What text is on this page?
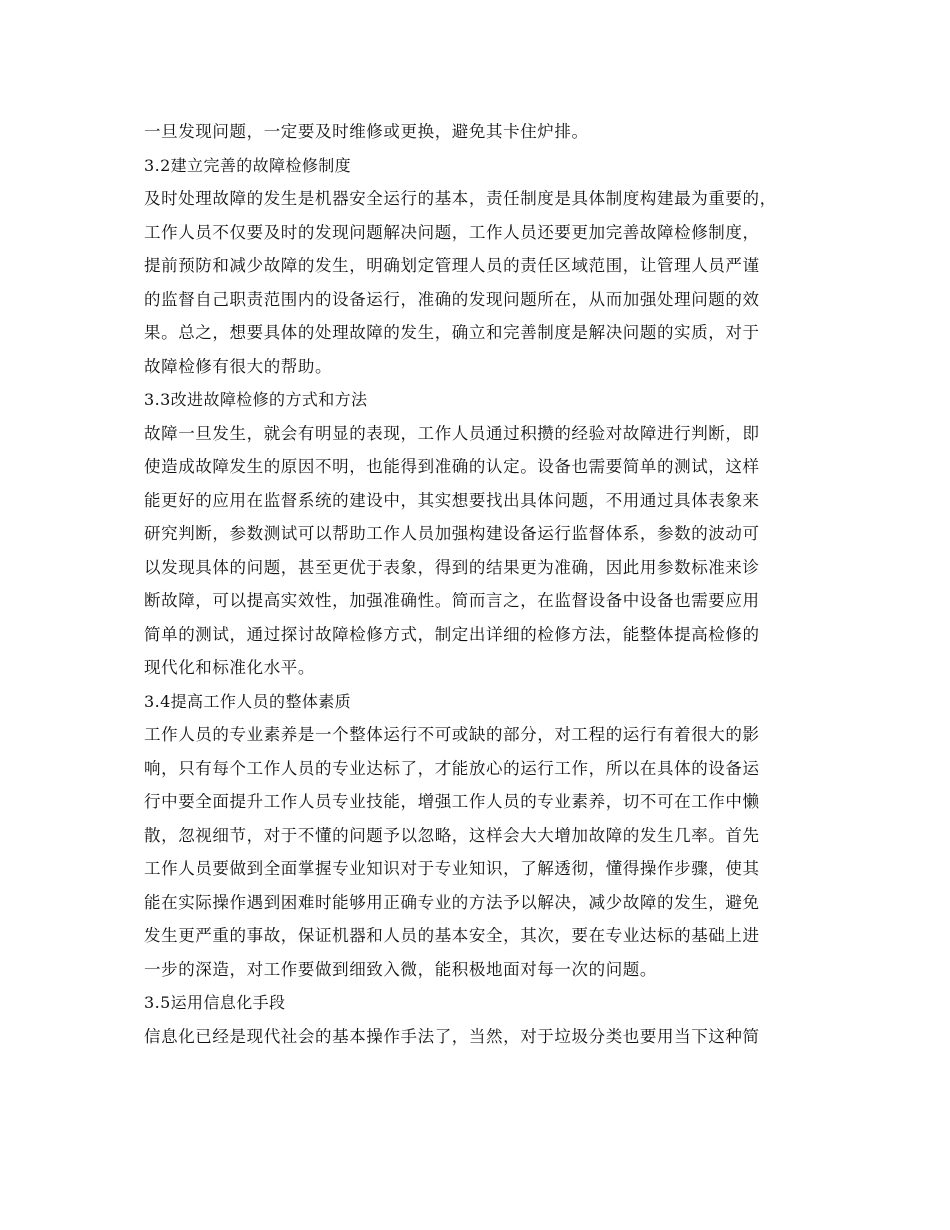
一旦发现问题，一定要及时维修或更换，避免其卡住炉排。
3.2建立完善的故障检修制度
及时处理故障的发生是机器安全运行的基本，责任制度是具体制度构建最为重要的，
工作人员不仅要及时的发现问题解决问题，工作人员还要更加完善故障检修制度，
提前预防和减少故障的发生，明确划定管理人员的责任区域范围，让管理人员严谨
的监督自己职责范围内的设备运行，准确的发现问题所在，从而加强处理问题的效
果。总之，想要具体的处理故障的发生，确立和完善制度是解决问题的实质，对于
故障检修有很大的帮助。
3.3改进故障检修的方式和方法
故障一旦发生，就会有明显的表现，工作人员通过积攒的经验对故障进行判断，即
使造成故障发生的原因不明，也能得到准确的认定。设备也需要简单的测试，这样
能更好的应用在监督系统的建设中，其实想要找出具体问题，不用通过具体表象来
研究判断，参数测试可以帮助工作人员加强构建设备运行监督体系，参数的波动可
以发现具体的问题，甚至更优于表象，得到的结果更为准确，因此用参数标准来诊
断故障，可以提高实效性，加强准确性。简而言之，在监督设备中设备也需要应用
简单的测试，通过探讨故障检修方式，制定出详细的检修方法，能整体提高检修的
现代化和标准化水平。
3.4提高工作人员的整体素质
工作人员的专业素养是一个整体运行不可或缺的部分，对工程的运行有着很大的影
响，只有每个工作人员的专业达标了，才能放心的运行工作，所以在具体的设备运
行中要全面提升工作人员专业技能，增强工作人员的专业素养，切不可在工作中懒
散，忽视细节，对于不懂的问题予以忽略，这样会大大增加故障的发生几率。首先
工作人员要做到全面掌握专业知识对于专业知识，了解透彻，懂得操作步骤，使其
能在实际操作遇到困难时能够用正确专业的方法予以解决，减少故障的发生，避免
发生更严重的事故，保证机器和人员的基本安全，其次，要在专业达标的基础上进
一步的深造，对工作要做到细致入微，能积极地面对每一次的问题。
3.5运用信息化手段
信息化已经是现代社会的基本操作手法了，当然，对于垃圾分类也要用当下这种简
